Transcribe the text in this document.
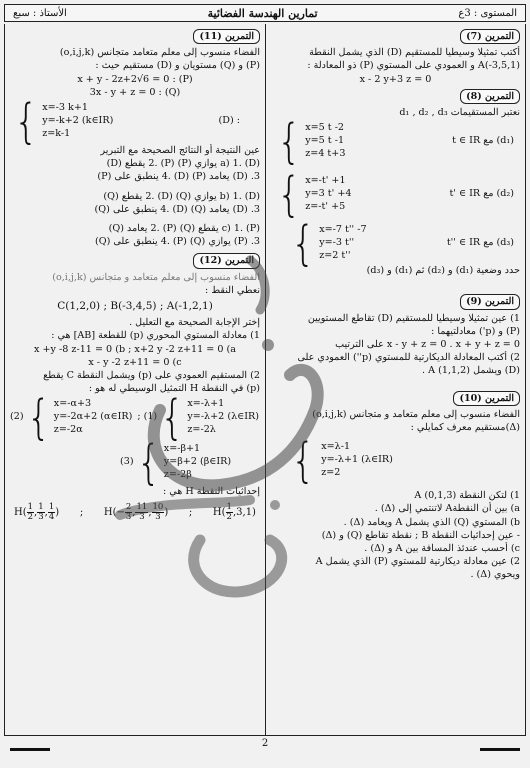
المستوى : 3ع
تمارين الهندسة الفضائية
الأستاذ : سبع
التمرين (7)
أكتب تمثيلا وسيطيا للمستقيم (D) الذي يشمل النقطة
A(-3,5,1) و العمودي على المستوي (P) ذو المعادلة :
x - 2 y+3 z = 0
التمرين (8)
نعتبر المستقيمات d₁ , d₂ , d₃
{ x=5 t -2
y=5 t -1
z=4 t+3
t ∈ IR مع (d₁)
{ x=-t' +1
y=3 t' +4
z=-t' +5
t' ∈ IR مع (d₂)
{ x=-7 t'' -7
y=-3 t''
z=2 t''
t'' ∈ IR مع (d₃)
حدد وضعية (d₁) و (d₂) ثم (d₁) و (d₃)
التمرين (9)
1) عين تمثيلا وسيطيا للمستقيم (D) تقاطع المستويين
(P) و (p') معادلتيهما :
x - y + z = 0 . x + y + z = 0 على الترتيب
2) أكتب المعادلة الديكارتية للمستوي (p'') العمودي على
(D) ويشمل (A (1,1,2 .
التمرين (10)
الفضاء منسوب إلى معلم متعامد و متجانس (o,i,j,k)
(Δ)مستقيم معرف كمايلي :
{ x=λ-1
y=-λ+1 (λ∈IR)
z=2
1) لتكن النقطة A (0,1,3)
a) بين أن النقطةA لاتنتمي إلى (Δ) .
b) المستوي (Q) الذي يشمل A ويعامد (Δ) .
- عين إحداثيات النقطة B ; نقطة تقاطع (Q) و (Δ)
c) أحسب عندئذ المسافة بين A و (Δ) .
2) عين معادلة ديكارتية للمستوي (P) الذي يشمل A
ويحوي (Δ) .
التمرين (11)
الفضاء منسوب إلى معلم متعامد متجانس (o,i,j,k)
(P) و (Q) مستويان و (D) مستقيم حيث :
x + y - 2z+2√6 = 0 : (P)
3x - y + z = 0 : (Q)
{ x=-3 k+1
y=-k+2 (k∈IR)
z=k-1
(D) :
عين النتيجة أو النتائج الصحيحة مع التبرير
a) 1. (D) يوازي (P) 2. (P) يقطع (D)
3. (D) يعامد (P) 4. (D) ينطبق على (P)
b) 1. (D) يوازي (Q) 2. (D) يقطع (Q)
3. (D) يعامد (Q) 4. (D) ينطبق على (Q)
c) 1. (P) يقطع (Q) 2. (P) يعامد (Q)
3. (P) يوازي (Q) 4. (P) ينطبق على (Q)
التمرين (12)
الفضاء منسوب إلى معلم متعامد و متجانس (o,i,j,k)
نعطي النقط :
C(1,2,0) ; B(-3,4,5) ; A(-1,2,1)
إختر الإجابة الصحيحة مع التعليل .
1) معادلة المستوي المحوري (p) للقطعة [AB] هي :
x +y -8 z-11 = 0 (b ; x+2 y -2 z+11 = 0 (a
x - y -2 z+11 = 0 (c
2) المستقيم العمودي على (p) ويشمل النقطة C يقطع
(p) في النقطة H التمثيل الوسيطي له هو :
(2) { x=-α+3
y=-2α+2 (α∈IR)
z=-2α
; (1) { x=-λ+1
y=-λ+2 (λ∈IR)
z=-2λ
(3) { x=-β+1
y=β+2 (β∈IR)
z=-2β
إحداثيات النقطة H هي :
$H( \frac{1}{2}$ , $\frac{1}{3}$ , $\frac{1}{4}$ ) ; $H(- \frac{2}{3}$ , $\frac{11}{3}$ , $\frac{10}{3}$ ) ; $H( \frac{1}{2} ,3,1)$
2
